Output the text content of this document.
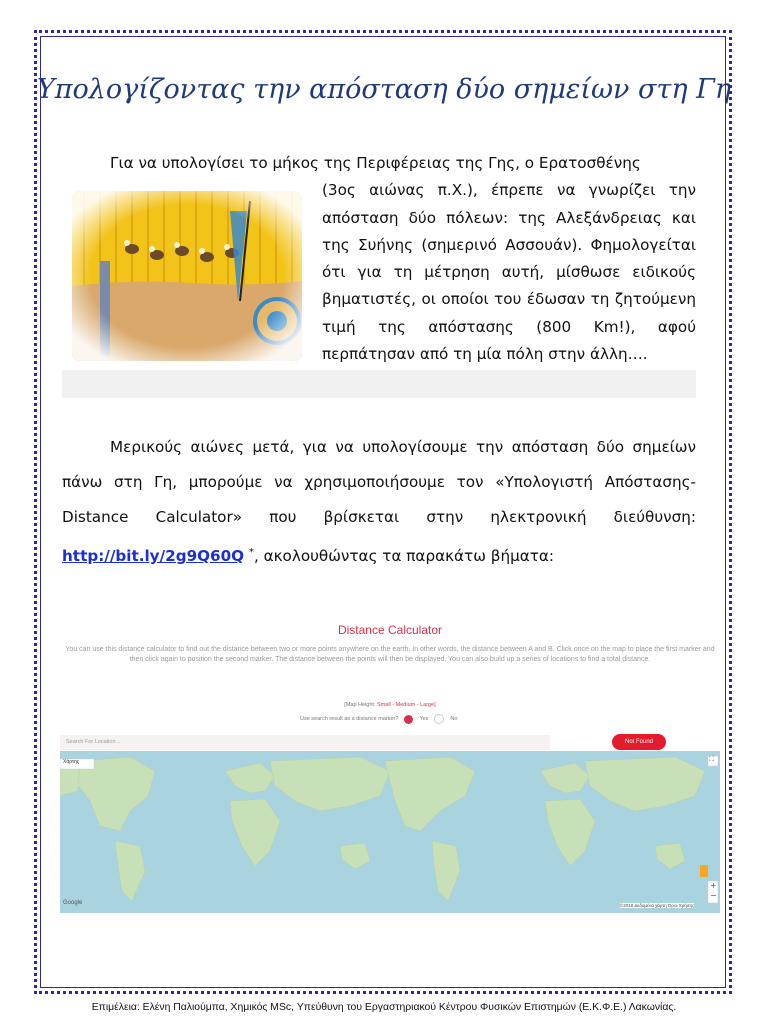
Υπολογίζοντας την απόσταση δύο σημείων στη Γη
Για να υπολογίσει το μήκος της Περιφέρειας της Γης, ο Ερατοσθένης
(3ος αιώνας π.Χ.), έπρεπε να γνωρίζει την απόσταση δύο πόλεων: της Αλεξάνδρειας και της Συήνης (σημερινό Ασσουάν). Φημολογείται ότι για τη μέτρηση αυτή, μίσθωσε ειδικούς βηματιστές, οι οποίοι του έδωσαν τη ζητούμενη τιμή της απόστασης (800 Km!), αφού περπάτησαν από τη μία πόλη στην άλλη….
Μερικούς αιώνες μετά, για να υπολογίσουμε την απόσταση δύο σημείων πάνω στη Γη, μπορούμε να χρησιμοποιήσουμε τον «Υπολογιστή Απόστασης-Distance Calculator» που βρίσκεται στην ηλεκτρονική διεύθυνση: http://bit.ly/2g9Q60Q *, ακολουθώντας τα παρακάτω βήματα:
Distance Calculator
You can use this distance calculator to find out the distance between two or more points anywhere on the earth. In other words, the distance between A and B. Click once on the map to place the first marker and then click again to position the second marker. The distance between the points will then be displayed. You can also build up a series of locations to find a total distance.
[Map Height: Small - Medium - Large]
Use search result as a distance marker?	Yes	No
Search For Location ..	Not Found
Χάρτης	⛶
+
−
Google	©2018 Δεδομένα χάρτη Όροι Χρήσης
Επιμέλεια: Ελένη Παλιούμπα, Χημικός MSc, Υπεύθυνη του Εργαστηριακού Κέντρου Φυσικών Επιστημών (Ε.Κ.Φ.Ε.) Λακωνίας.
